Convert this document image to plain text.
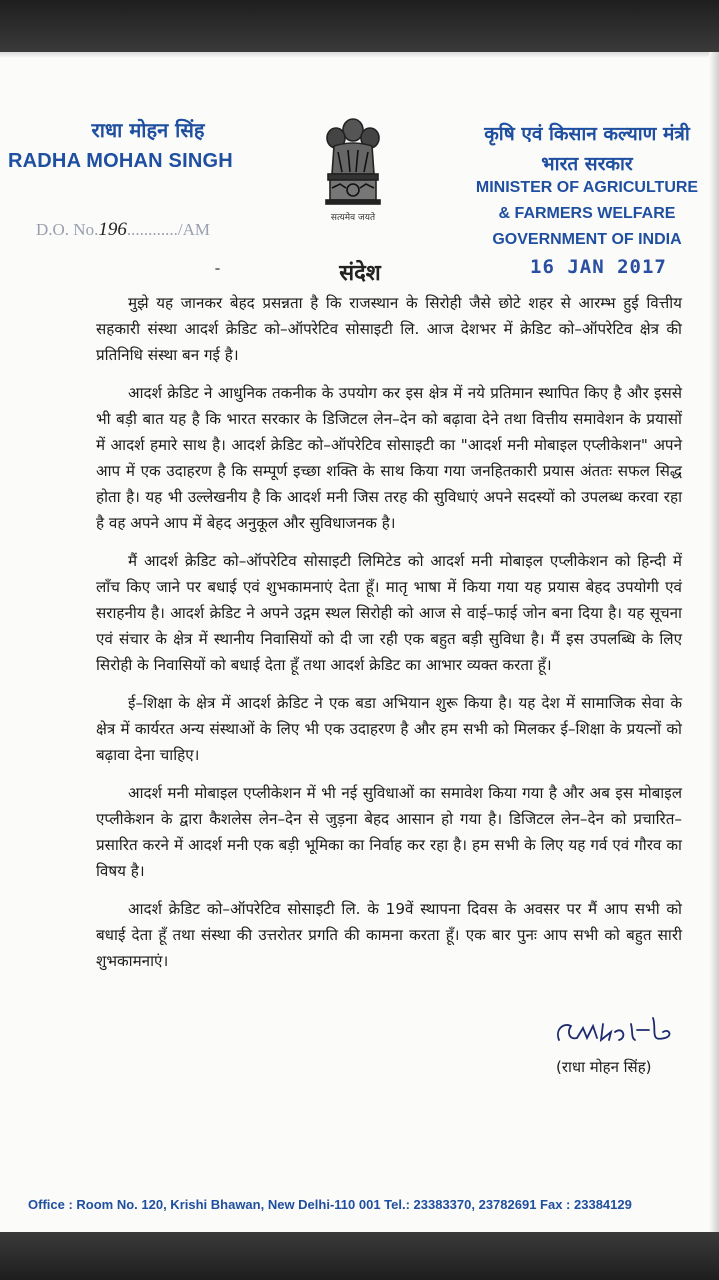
राधा मोहन सिंह
RADHA MOHAN SINGH
सत्यमेव जयते
कृषि एवं किसान कल्याण मंत्री
भारत सरकार
MINISTER OF AGRICULTURE
& FARMERS WELFARE
GOVERNMENT OF INDIA
D.O. No.196............/AM
संदेश	16 JAN 2017

मुझे यह जानकर बेहद प्रसन्नता है कि राजस्थान के सिरोही जैसे छोटे शहर से आरम्भ हुई वित्तीय सहकारी संस्था आदर्श क्रेडिट को–ऑपरेटिव सोसाइटी लि. आज देशभर में क्रेडिट को–ऑपरेटिव क्षेत्र की प्रतिनिधि संस्था बन गई है।

आदर्श क्रेडिट ने आधुनिक तकनीक के उपयोग कर इस क्षेत्र में नये प्रतिमान स्थापित किए है और इससे भी बड़ी बात यह है कि भारत सरकार के डिजिटल लेन–देन को बढ़ावा देने तथा वित्तीय समावेशन के प्रयासों में आदर्श हमारे साथ है। आदर्श क्रेडिट को–ऑपरेटिव सोसाइटी का "आदर्श मनी मोबाइल एप्लीकेशन" अपने आप में एक उदाहरण है कि सम्पूर्ण इच्छा शक्ति के साथ किया गया जनहितकारी प्रयास अंततः सफल सिद्ध होता है। यह भी उल्लेखनीय है कि आदर्श मनी जिस तरह की सुविधाएं अपने सदस्यों को उपलब्ध करवा रहा है वह अपने आप में बेहद अनुकूल और सुविधाजनक है।

मैं आदर्श क्रेडिट को–ऑपरेटिव सोसाइटी लिमिटेड को आदर्श मनी मोबाइल एप्लीकेशन को हिन्दी में लॉंच किए जाने पर बधाई एवं शुभकामनाएं देता हूँ। मातृ भाषा में किया गया यह प्रयास बेहद उपयोगी एवं सराहनीय है। आदर्श क्रेडिट ने अपने उद्गम स्थल सिरोही को आज से वाई–फाई जोन बना दिया है। यह सूचना एवं संचार के क्षेत्र में स्थानीय निवासियों को दी जा रही एक बहुत बड़ी सुविधा है। मैं इस उपलब्धि के लिए सिरोही के निवासियों को बधाई देता हूँ तथा आदर्श क्रेडिट का आभार व्यक्त करता हूँ।

ई–शिक्षा के क्षेत्र में आदर्श क्रेडिट ने एक बडा अभियान शुरू किया है। यह देश में सामाजिक सेवा के क्षेत्र में कार्यरत अन्य संस्थाओं के लिए भी एक उदाहरण है और हम सभी को मिलकर ई–शिक्षा के प्रयत्नों को बढ़ावा देना चाहिए।

आदर्श मनी मोबाइल एप्लीकेशन में भी नई सुविधाओं का समावेश किया गया है और अब इस मोबाइल एप्लीकेशन के द्वारा कैशलेस लेन–देन से जुड़ना बेहद आसान हो गया है। डिजिटल लेन–देन को प्रचारित–प्रसारित करने में आदर्श मनी एक बड़ी भूमिका का निर्वाह कर रहा है। हम सभी के लिए यह गर्व एवं गौरव का विषय है।

आदर्श क्रेडिट को–ऑपरेटिव सोसाइटी लि. के 19वें स्थापना दिवस के अवसर पर मैं आप सभी को बधाई देता हूँ तथा संस्था की उत्तरोतर प्रगति की कामना करता हूँ। एक बार पुनः आप सभी को बहुत सारी शुभकामनाएं।

(राधा मोहन सिंह)
Office : Room No. 120, Krishi Bhawan, New Delhi-110 001 Tel.: 23383370, 23782691 Fax : 23384129
